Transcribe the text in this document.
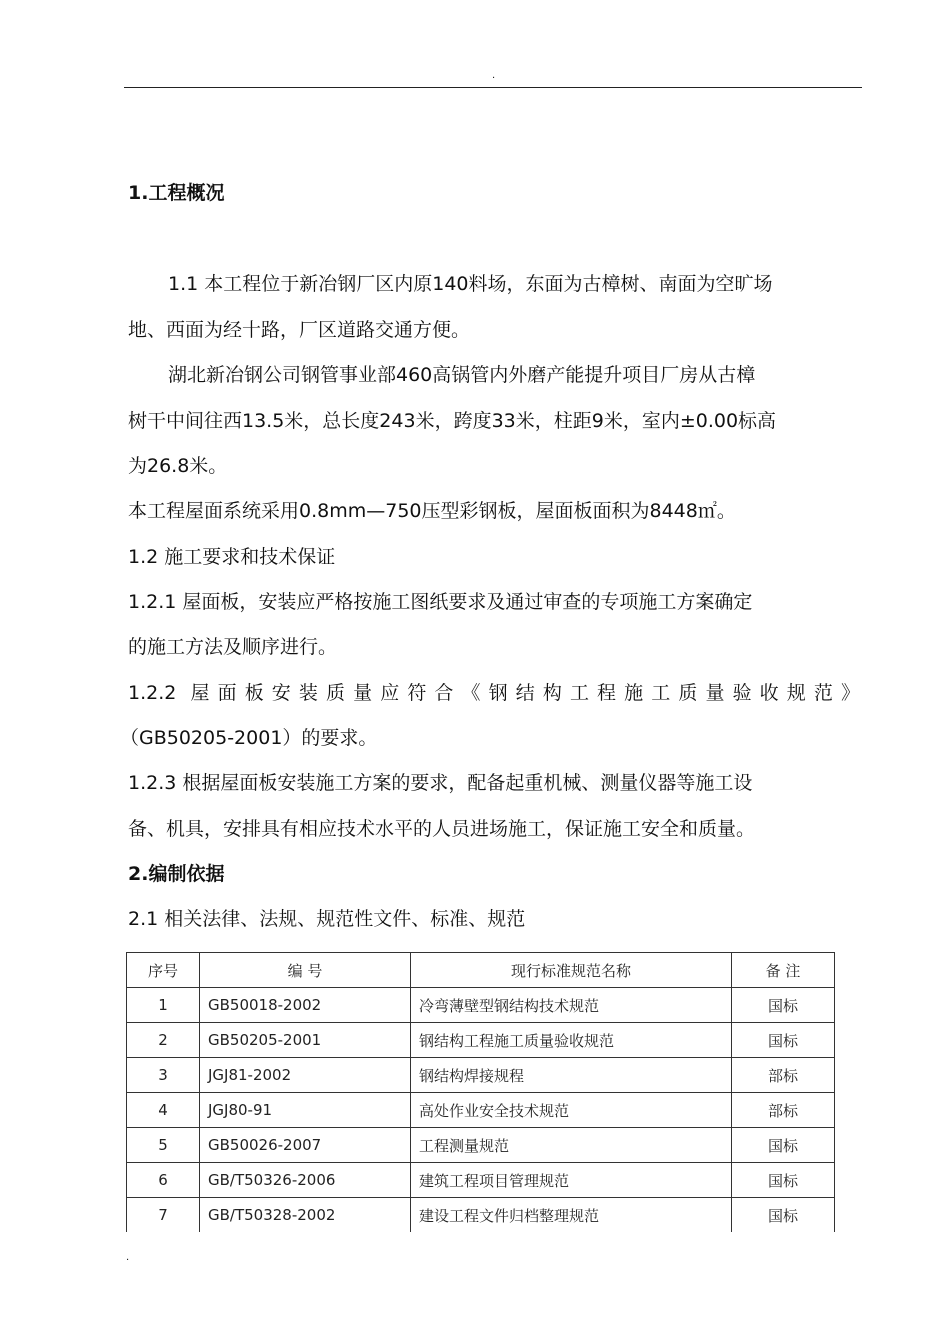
.
1.工程概况
1.1 本工程位于新冶钢厂区内原140料场，东面为古樟树、南面为空旷场
地、西面为经十路，厂区道路交通方便。
湖北新冶钢公司钢管事业部460高锅管内外磨产能提升项目厂房从古樟
树干中间往西13.5米，总长度243米，跨度33米，柱距9米，室内±0.00标高
为26.8米。
本工程屋面系统采用0.8mm—750压型彩钢板，屋面板面积为8448㎡。
1.2 施工要求和技术保证
1.2.1 屋面板，安装应严格按施工图纸要求及通过审查的专项施工方案确定
的施工方法及顺序进行。
1.2.2 屋面板安装质量应符合《钢结构工程施工质量验收规范》
（GB50205-2001）的要求。
1.2.3 根据屋面板安装施工方案的要求，配备起重机械、测量仪器等施工设
备、机具，安排具有相应技术水平的人员进场施工，保证施工安全和质量。
2.编制依据
2.1 相关法律、法规、规范性文件、标准、规范
序号	编 号	现行标准规范名称	备 注
1	GB50018-2002	冷弯薄壁型钢结构技术规范	国标
2	GB50205-2001	钢结构工程施工质量验收规范	国标
3	JGJ81-2002	钢结构焊接规程	部标
4	JGJ80-91	高处作业安全技术规范	部标
5	GB50026-2007	工程测量规范	国标
6	GB/T50326-2006	建筑工程项目管理规范	国标
7	GB/T50328-2002	建设工程文件归档整理规范	国标
.
